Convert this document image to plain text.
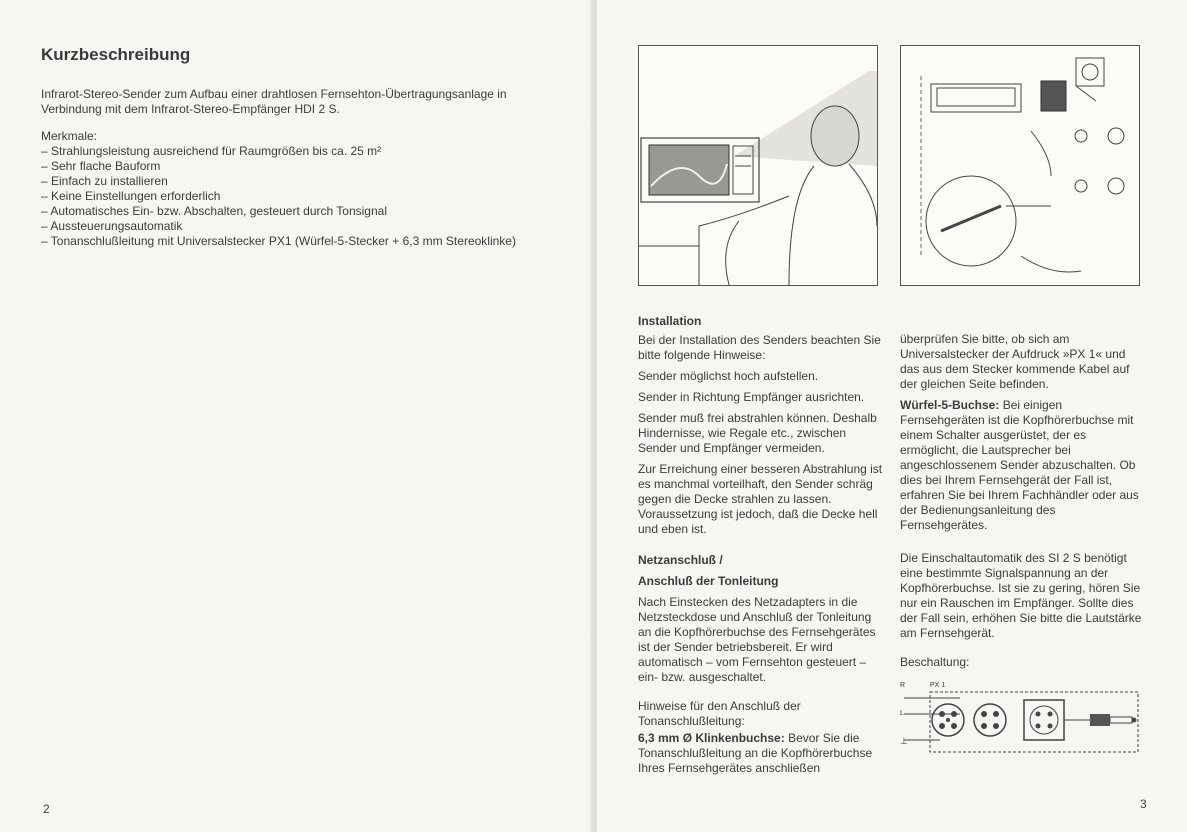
Kurzbeschreibung

Infrarot-Stereo-Sender zum Aufbau einer drahtlosen Fernsehton-Übertragungsanlage in Verbindung mit dem Infrarot-Stereo-Empfänger HDI 2 S.

Merkmale:

– Strahlungsleistung ausreichend für Raumgrößen bis ca. 25 m²
– Sehr flache Bauform
– Einfach zu installieren
– Keine Einstellungen erforderlich
– Automatisches Ein- bzw. Abschalten, gesteuert durch Tonsignal
– Aussteuerungsautomatik
– Tonanschlußleitung mit Universalstecker PX1 (Würfel-5-Stecker + 6,3 mm Stereoklinke)
2

Installation

Bei der Installation des Senders beachten Sie bitte folgende Hinweise:

Sender möglichst hoch aufstellen.

Sender in Richtung Empfänger ausrichten.

Sender muß frei abstrahlen können. Deshalb Hindernisse, wie Regale etc., zwischen Sender und Empfänger vermeiden.

Zur Erreichung einer besseren Abstrahlung ist es manchmal vorteilhaft, den Sender schräg gegen die Decke strahlen zu lassen. Voraussetzung ist jedoch, daß die Decke hell und eben ist.

Netzanschluß /

Anschluß der Tonleitung

Nach Einstecken des Netzadapters in die Netzsteckdose und Anschluß der Tonleitung an die Kopfhörerbuchse des Fernsehgerätes ist der Sender betriebsbereit. Er wird automatisch – vom Fernsehton gesteuert – ein- bzw. ausgeschaltet.

Hinweise für den Anschluß der Tonanschlußleitung:

6,3 mm Ø Klinkenbuchse: Bevor Sie die Tonanschlußleitung an die Kopfhörerbuchse Ihres Fernsehgerätes anschließen

überprüfen Sie bitte, ob sich am Universalstecker der Aufdruck »PX 1« und das aus dem Stecker kommende Kabel auf der gleichen Seite befinden.

Würfel-5-Buchse: Bei einigen Fernsehgeräten ist die Kopfhörerbuchse mit einem Schalter ausgerüstet, der es ermöglicht, die Lautsprecher bei angeschlossenem Sender abzuschalten. Ob dies bei Ihrem Fernsehgerät der Fall ist, erfahren Sie bei Ihrem Fachhändler oder aus der Bedienungsanleitung des Fernsehgerätes.

Die Einschaltautomatik des SI 2 S benötigt eine bestimmte Signalspannung an der Kopfhörerbuchse. Ist sie zu gering, hören Sie nur ein Rauschen im Empfänger. Sollte dies der Fall sein, erhöhen Sie bitte die Lautstärke am Fernsehgerät.

Beschaltung:

R	PX 1
L
⊥
3
